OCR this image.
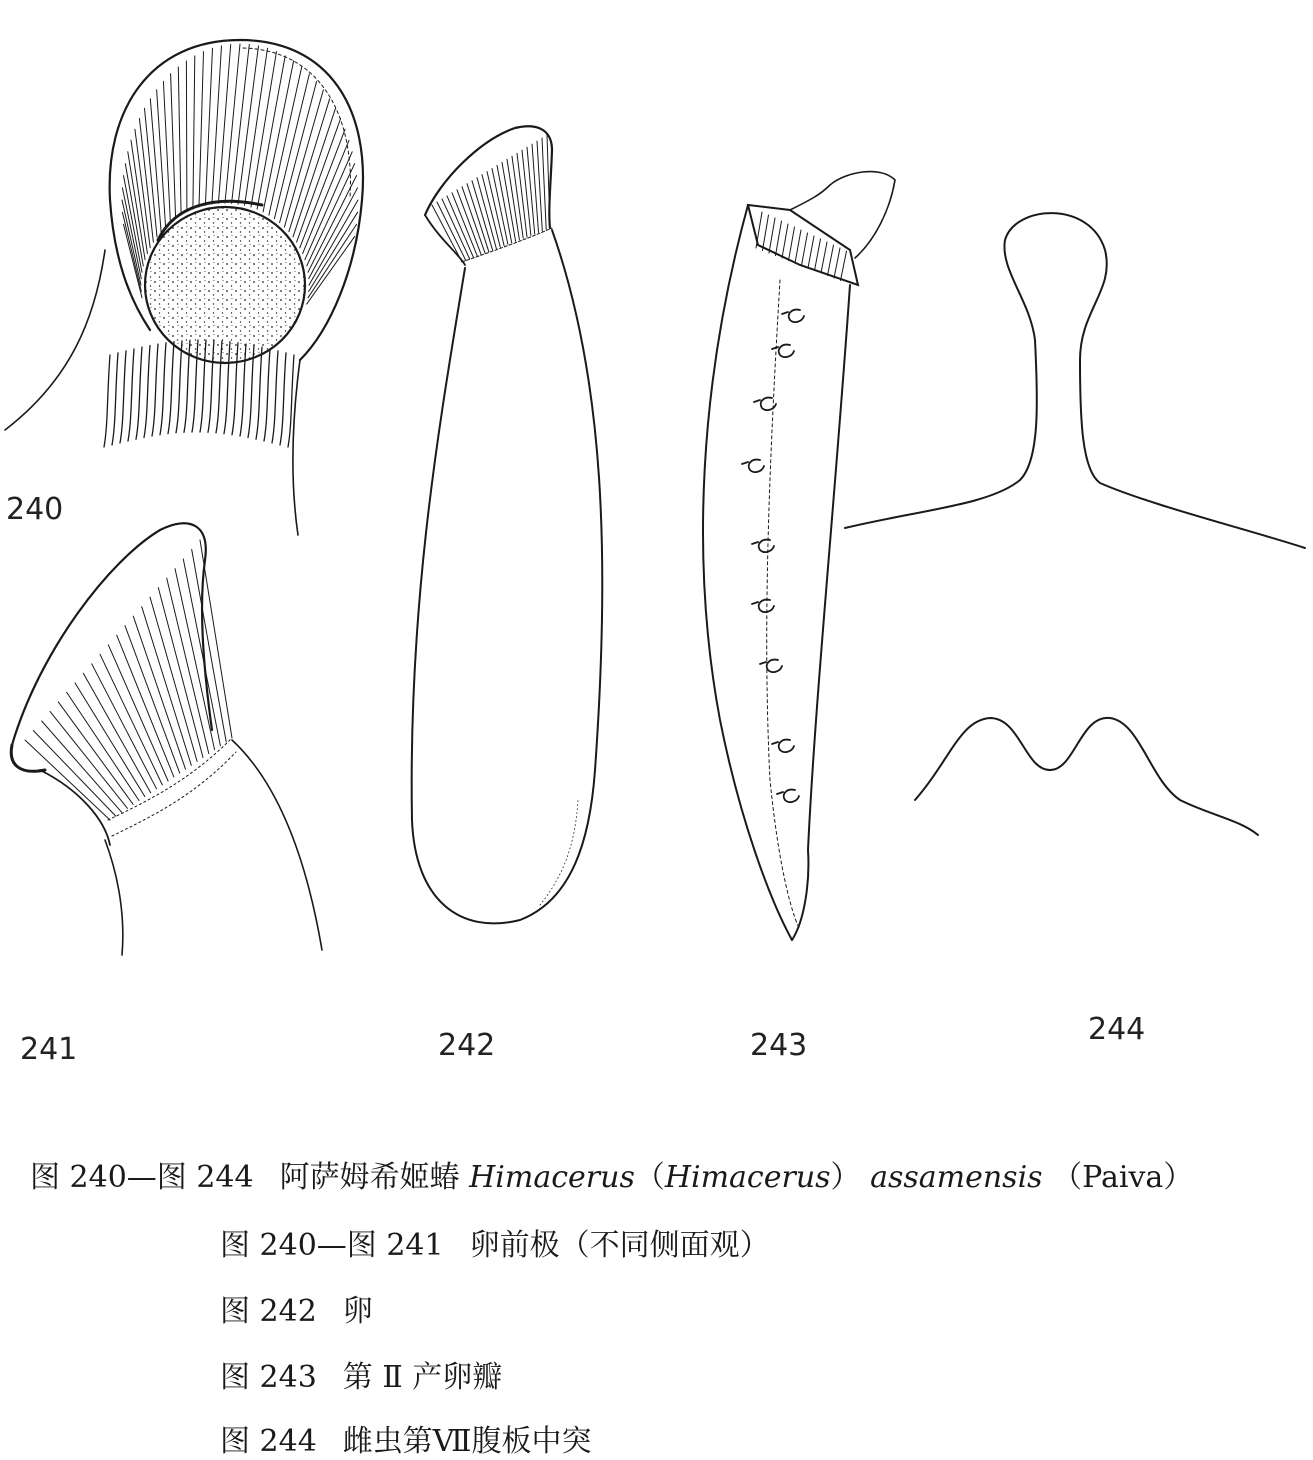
240
241	242	243	244
图 240—图 244 阿萨姆希姬蝽 Himacerus（Himacerus） assamensis （Paiva）
图 240—图 241 卵前极（不同侧面观）
图 242 卵
图 243 第 Ⅱ 产卵瓣
图 244 雌虫第Ⅶ腹板中突
